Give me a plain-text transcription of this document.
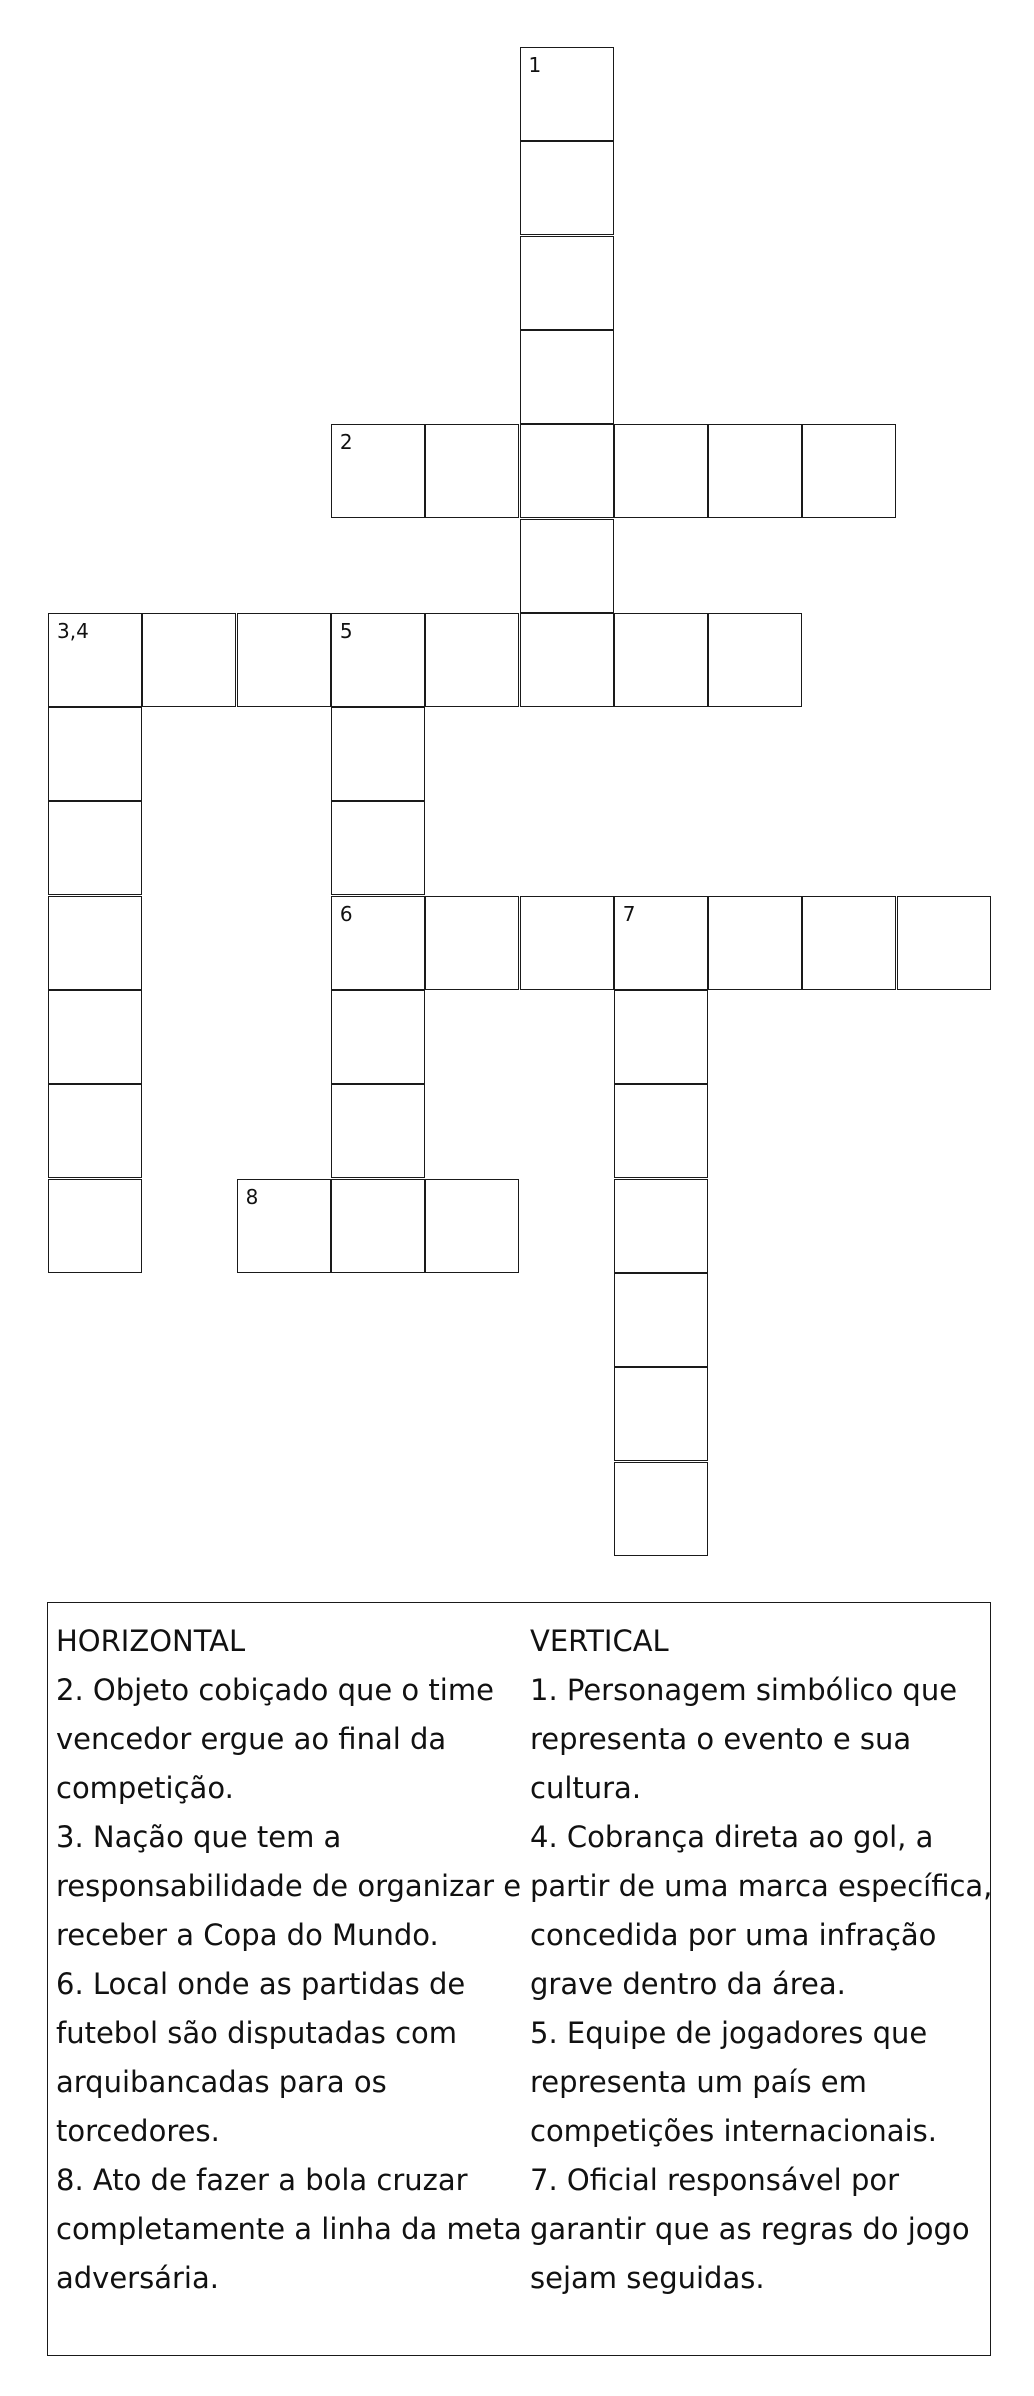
1
2
3,4	5
6	7
8
HORIZONTAL
2. Objeto cobiçado que o time
vencedor ergue ao final da
competição.
3. Nação que tem a
responsabilidade de organizar e
receber a Copa do Mundo.
6. Local onde as partidas de
futebol são disputadas com
arquibancadas para os
torcedores.
8. Ato de fazer a bola cruzar
completamente a linha da meta
adversária.
VERTICAL
1. Personagem simbólico que
representa o evento e sua
cultura.
4. Cobrança direta ao gol, a
partir de uma marca específica,
concedida por uma infração
grave dentro da área.
5. Equipe de jogadores que
representa um país em
competições internacionais.
7. Oficial responsável por
garantir que as regras do jogo
sejam seguidas.
